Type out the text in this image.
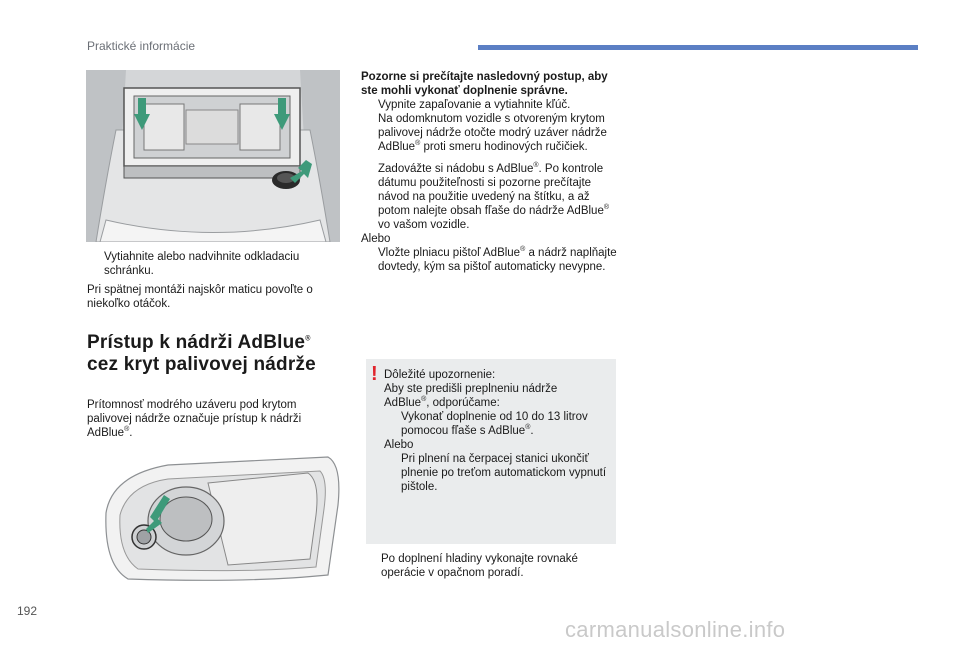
Praktické informácie
Vytiahnite alebo nadvihnite odkladaciu schránku.
Pri spätnej montáži najskôr maticu povoľte o niekoľko otáčok.
Prístup k nádrži AdBlue®
cez kryt palivovej nádrže
Prítomnosť modrého uzáveru pod krytom palivovej nádrže označuje prístup k nádrži AdBlue®.
Pozorne si prečítajte nasledovný postup, aby ste mohli vykonať doplnenie správne.
Vypnite zapaľovanie a vytiahnite kľúč.
Na odomknutom vozidle s otvoreným krytom palivovej nádrže otočte modrý uzáver nádrže AdBlue® proti smeru hodinových ručičiek.
Zadovážte si nádobu s AdBlue®. Po kontrole dátumu použiteľnosti si pozorne prečítajte návod na použitie uvedený na štítku, a až potom nalejte obsah fľaše do nádrže AdBlue® vo vašom vozidle.
Alebo
Vložte plniacu pištoľ AdBlue® a nádrž naplňajte dovtedy, kým sa pištoľ automaticky nevypne.
! Dôležité upozornenie:
Aby ste predišli preplneniu nádrže
AdBlue®, odporúčame:
Vykonať doplnenie od 10 do 13 litrov pomocou fľaše s AdBlue®.
Alebo
Pri plnení na čerpacej stanici ukončiť plnenie po treťom automatickom vypnutí pištole.
Po doplnení hladiny vykonajte rovnaké operácie v opačnom poradí.
192
carmanualsonline.info
